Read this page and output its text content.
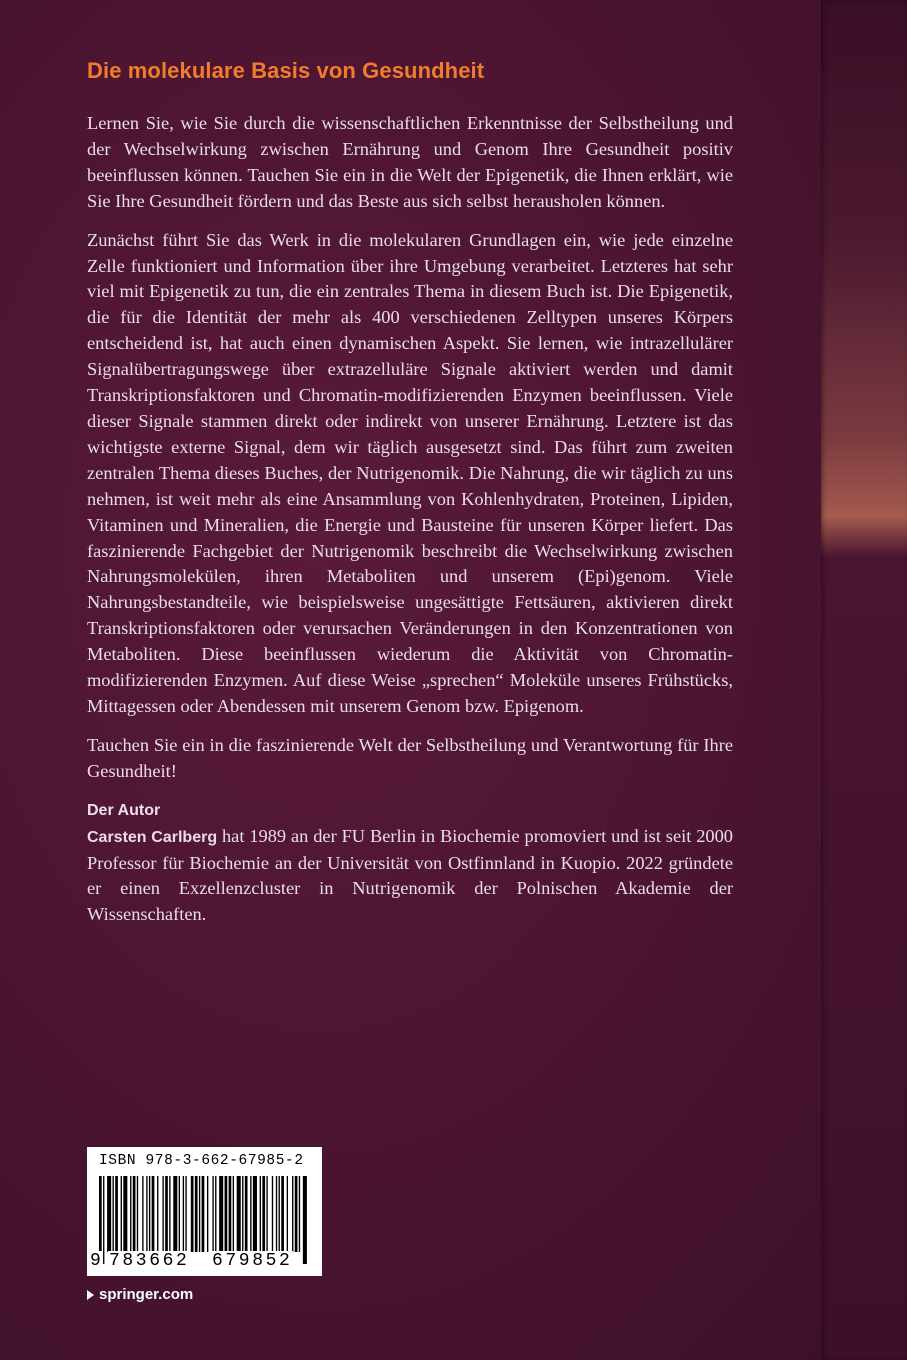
Die molekulare Basis von Gesundheit

Lernen Sie, wie Sie durch die wissenschaftlichen Erkenntnisse der Selbstheilung und der Wechselwirkung zwischen Ernährung und Genom Ihre Gesundheit positiv beeinflussen können. Tauchen Sie ein in die Welt der Epigenetik, die Ihnen erklärt, wie Sie Ihre Gesundheit fördern und das Beste aus sich selbst herausholen können.

Zunächst führt Sie das Werk in die molekularen Grundlagen ein, wie jede einzelne Zelle funktioniert und Information über ihre Umgebung verarbeitet. Letzteres hat sehr viel mit Epigenetik zu tun, die ein zentrales Thema in diesem Buch ist. Die Epigenetik, die für die Identität der mehr als 400 verschiedenen Zelltypen unseres Körpers entscheidend ist, hat auch einen dynamischen Aspekt. Sie lernen, wie intrazellulärer Signalübertragungswege über extrazelluläre Signale aktiviert werden und damit Transkriptionsfaktoren und Chromatin-modifizierenden Enzymen beeinflussen. Viele dieser Signale stammen direkt oder indirekt von unserer Ernährung. Letztere ist das wichtigste externe Signal, dem wir täglich ausgesetzt sind. Das führt zum zweiten zentralen Thema dieses Buches, der Nutrigenomik. Die Nahrung, die wir täglich zu uns nehmen, ist weit mehr als eine Ansammlung von Kohlenhydraten, Proteinen, Lipiden, Vitaminen und Mineralien, die Energie und Bausteine für unseren Körper liefert. Das faszinierende Fachgebiet der Nutrigenomik beschreibt die Wechselwirkung zwischen Nahrungsmolekülen, ihren Metaboliten und unserem (Epi)genom. Viele Nahrungsbestandteile, wie beispielsweise ungesättigte Fettsäuren, aktivieren direkt Transkriptionsfaktoren oder verursachen Veränderungen in den Konzentrationen von Metaboliten. Diese beeinflussen wiederum die Aktivität von Chromatin-modifizierenden Enzymen. Auf diese Weise „sprechen“ Moleküle unseres Frühstücks, Mittagessen oder Abendessen mit unserem Genom bzw. Epigenom.

Tauchen Sie ein in die faszinierende Welt der Selbstheilung und Verantwortung für Ihre Gesundheit!

Der Autor

Carsten Carlberg hat 1989 an der FU Berlin in Biochemie promoviert und ist seit 2000 Professor für Biochemie an der Universität von Ostfinnland in Kuopio. 2022 gründete er einen Exzellenzcluster in Nutrigenomik der Polnischen Akademie der Wissenschaften.

ISBN 978-3-662-67985-2
9 783662 679852
springer.com
